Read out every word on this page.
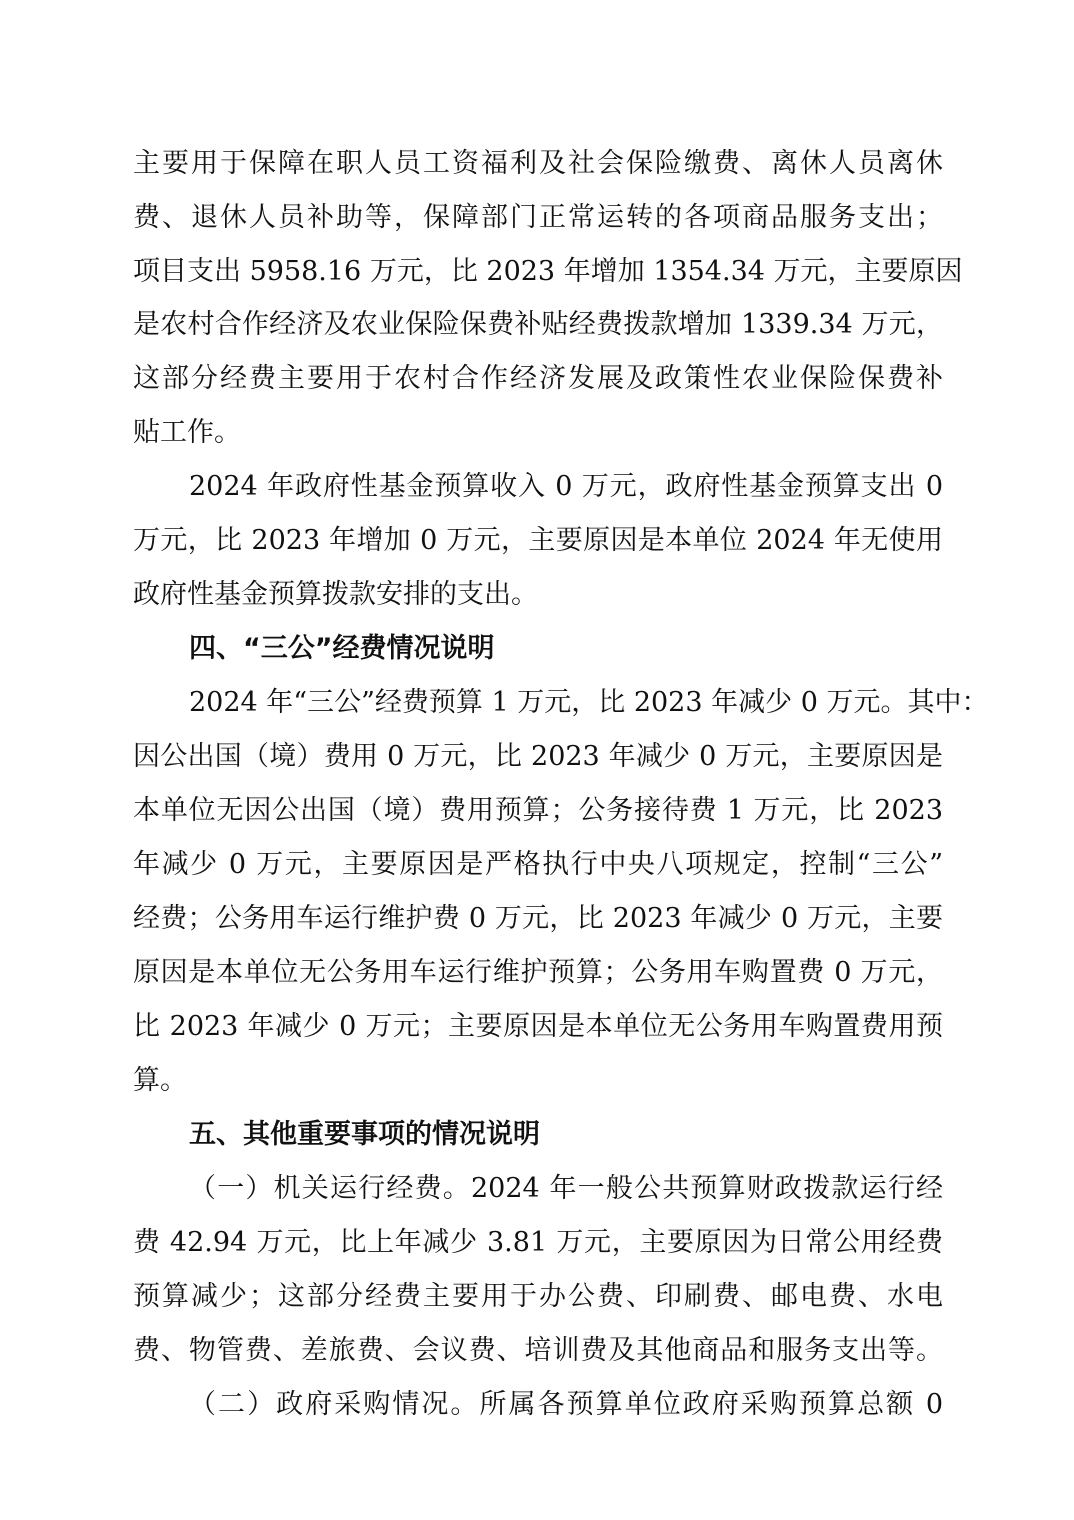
主要用于保障在职人员工资福利及社会保险缴费、离休人员离休
费、退休人员补助等，保障部门正常运转的各项商品服务支出；
项目支出 5958.16 万元，比 2023 年增加 1354.34 万元，主要原因
是农村合作经济及农业保险保费补贴经费拨款增加 1339.34 万元，
这部分经费主要用于农村合作经济发展及政策性农业保险保费补
贴工作。
2024 年政府性基金预算收入 0 万元，政府性基金预算支出 0
万元，比 2023 年增加 0 万元，主要原因是本单位 2024 年无使用
政府性基金预算拨款安排的支出。
四、“三公”经费情况说明
2024 年“三公”经费预算 1 万元，比 2023 年减少 0 万元。其中：
因公出国（境）费用 0 万元，比 2023 年减少 0 万元，主要原因是
本单位无因公出国（境）费用预算；公务接待费 1 万元，比 2023
年减少 0 万元，主要原因是严格执行中央八项规定，控制“三公”
经费；公务用车运行维护费 0 万元，比 2023 年减少 0 万元，主要
原因是本单位无公务用车运行维护预算；公务用车购置费 0 万元，
比 2023 年减少 0 万元；主要原因是本单位无公务用车购置费用预
算。
五、其他重要事项的情况说明
（一）机关运行经费。2024 年一般公共预算财政拨款运行经
费 42.94 万元，比上年减少 3.81 万元，主要原因为日常公用经费
预算减少；这部分经费主要用于办公费、印刷费、邮电费、水电
费、物管费、差旅费、会议费、培训费及其他商品和服务支出等。
（二）政府采购情况。所属各预算单位政府采购预算总额 0
